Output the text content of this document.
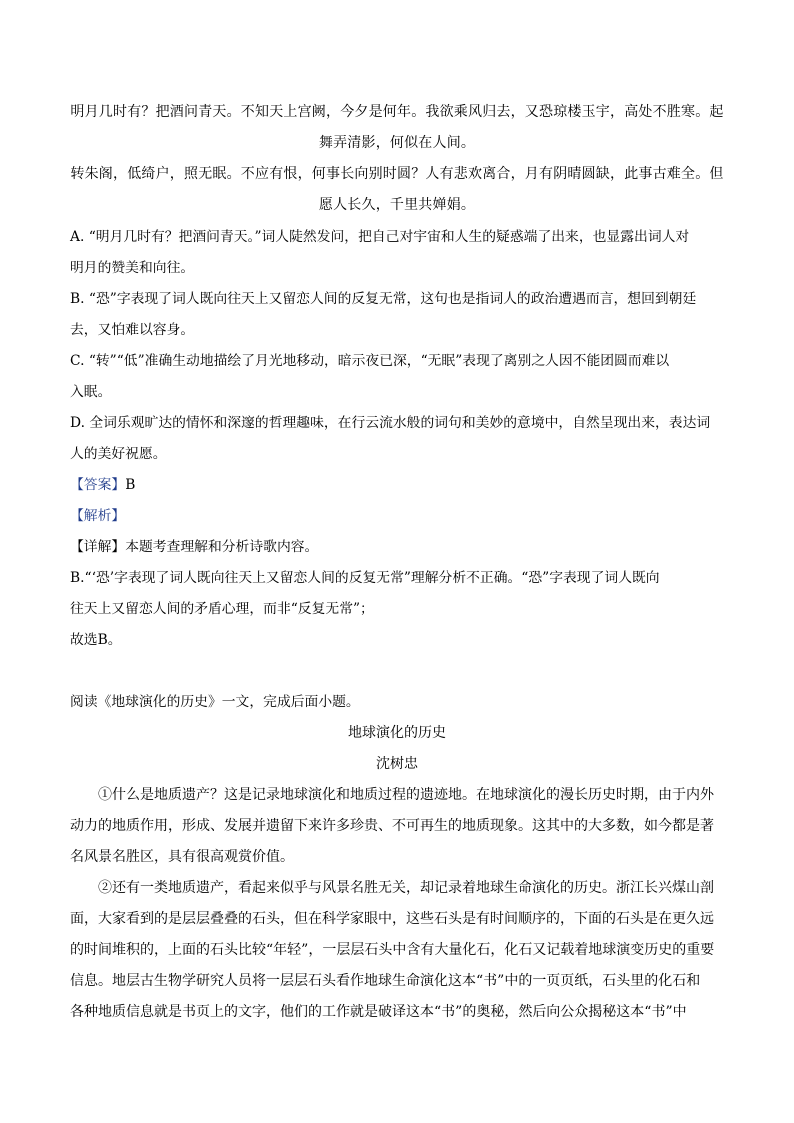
明月几时有？把酒问青天。不知天上宫阙，今夕是何年。我欲乘风归去，又恐琼楼玉宇，高处不胜寒。起
舞弄清影，何似在人间。
转朱阁，低绮户，照无眠。不应有恨，何事长向别时圆？人有悲欢离合，月有阴晴圆缺，此事古难全。但
愿人长久，千里共婵娟。
A. “明月几时有？把酒问青天。”词人陡然发问，把自己对宇宙和人生的疑惑端了出来，也显露出词人对
明月的赞美和向往。
B. “恐”字表现了词人既向往天上又留恋人间的反复无常，这句也是指词人的政治遭遇而言，想回到朝廷
去，又怕难以容身。
C. “转”“低”准确生动地描绘了月光地移动，暗示夜已深，“无眠”表现了离别之人因不能团圆而难以
入眠。
D. 全词乐观旷达的情怀和深邃的哲理趣味，在行云流水般的词句和美妙的意境中，自然呈现出来，表达词
人的美好祝愿。
【答案】B
【解析】
【详解】本题考查理解和分析诗歌内容。
B.“‘恐’字表现了词人既向往天上又留恋人间的反复无常”理解分析不正确。“恐”字表现了词人既向
往天上又留恋人间的矛盾心理，而非“反复无常”；
故选B。
阅读《地球演化的历史》一文，完成后面小题。
地球演化的历史
沈树忠
①什么是地质遗产？这是记录地球演化和地质过程的遗迹地。在地球演化的漫长历史时期，由于内外
动力的地质作用，形成、发展并遗留下来许多珍贵、不可再生的地质现象。这其中的大多数，如今都是著
名风景名胜区，具有很高观赏价值。
②还有一类地质遗产，看起来似乎与风景名胜无关，却记录着地球生命演化的历史。浙江长兴煤山剖
面，大家看到的是层层叠叠的石头，但在科学家眼中，这些石头是有时间顺序的，下面的石头是在更久远
的时间堆积的，上面的石头比较“年轻”，一层层石头中含有大量化石，化石又记载着地球演变历史的重要
信息。地层古生物学研究人员将一层层石头看作地球生命演化这本“书”中的一页页纸，石头里的化石和
各种地质信息就是书页上的文字，他们的工作就是破译这本“书”的奥秘，然后向公众揭秘这本“书”中
